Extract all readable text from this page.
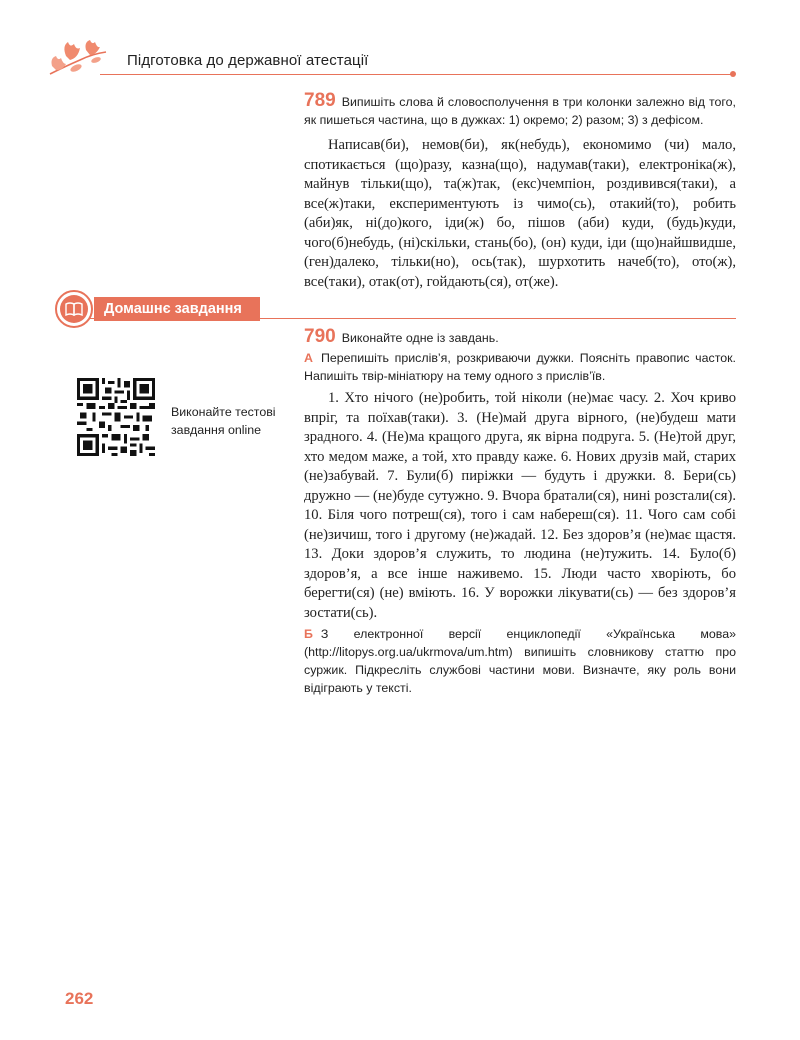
Підготовка до державної атестації

789 Випишіть слова й словосполучення в три колонки залежно від того, як пишеться частина, що в дужках: 1) окремо; 2) разом; 3) з дефісом.

Написав(би), немов(би), як(небудь), економимо (чи) мало, спотикається (що)разу, казна(що), надумав(таки), електроніка(ж), майнув тільки(що), та(ж)так, (екс)чемпіон, роздивився(таки), а все(ж)таки, експериментують із чимо(сь), отакий(то), робить (аби)як, ні(до)кого, іди(ж) бо, пішов (аби) куди, (будь)куди, чого(б)небудь, (ні)скільки, стань(бо), (он) куди, іди (що)найшвидше, (ген)далеко, тільки(но), ось(так), шурхотить начеб(то), ото(ж), все(таки), отак(от), гойдають(ся), от(же).

Домашнє завдання
Виконайте тестові завдання online

790 Виконайте одне із завдань.

А Перепишіть прислів’я, розкриваючи дужки. Поясніть правопис часток. Напишіть твір-мініатюру на тему одного з прислів’їв.

1. Хто нічого (не)робить, той ніколи (не)має часу. 2. Хоч криво впріг, та поїхав(таки). 3. (Не)май друга вірного, (не)будеш мати зрадного. 4. (Не)ма кращого друга, як вірна подруга. 5. (Не)той друг, хто медом маже, а той, хто правду каже. 6. Нових друзів май, старих (не)забувай. 7. Були(б) пиріжки — будуть і дружки. 8. Бери(сь) дружно — (не)буде сутужно. 9. Вчора братали(ся), нині розстали(ся). 10. Біля чого потреш(ся), того і сам набереш(ся). 11. Чого сам собі (не)зичиш, того і другому (не)жадай. 12. Без здоров’я (не)має щастя. 13. Доки здоров’я служить, то людина (не)тужить. 14. Було(б) здоров’я, а все інше наживемо. 15. Люди часто хворіють, бо берегти(ся) (не) вміють. 16. У ворожки лікувати(сь) — без здоров’я зостати(сь).

Б З електронної версії енциклопедії «Українська мова» (http://litopys.org.ua/ukrmova/um.htm) випишіть словникову статтю про суржик. Підкресліть службові частини мови. Визначте, яку роль вони відіграють у тексті.

262
